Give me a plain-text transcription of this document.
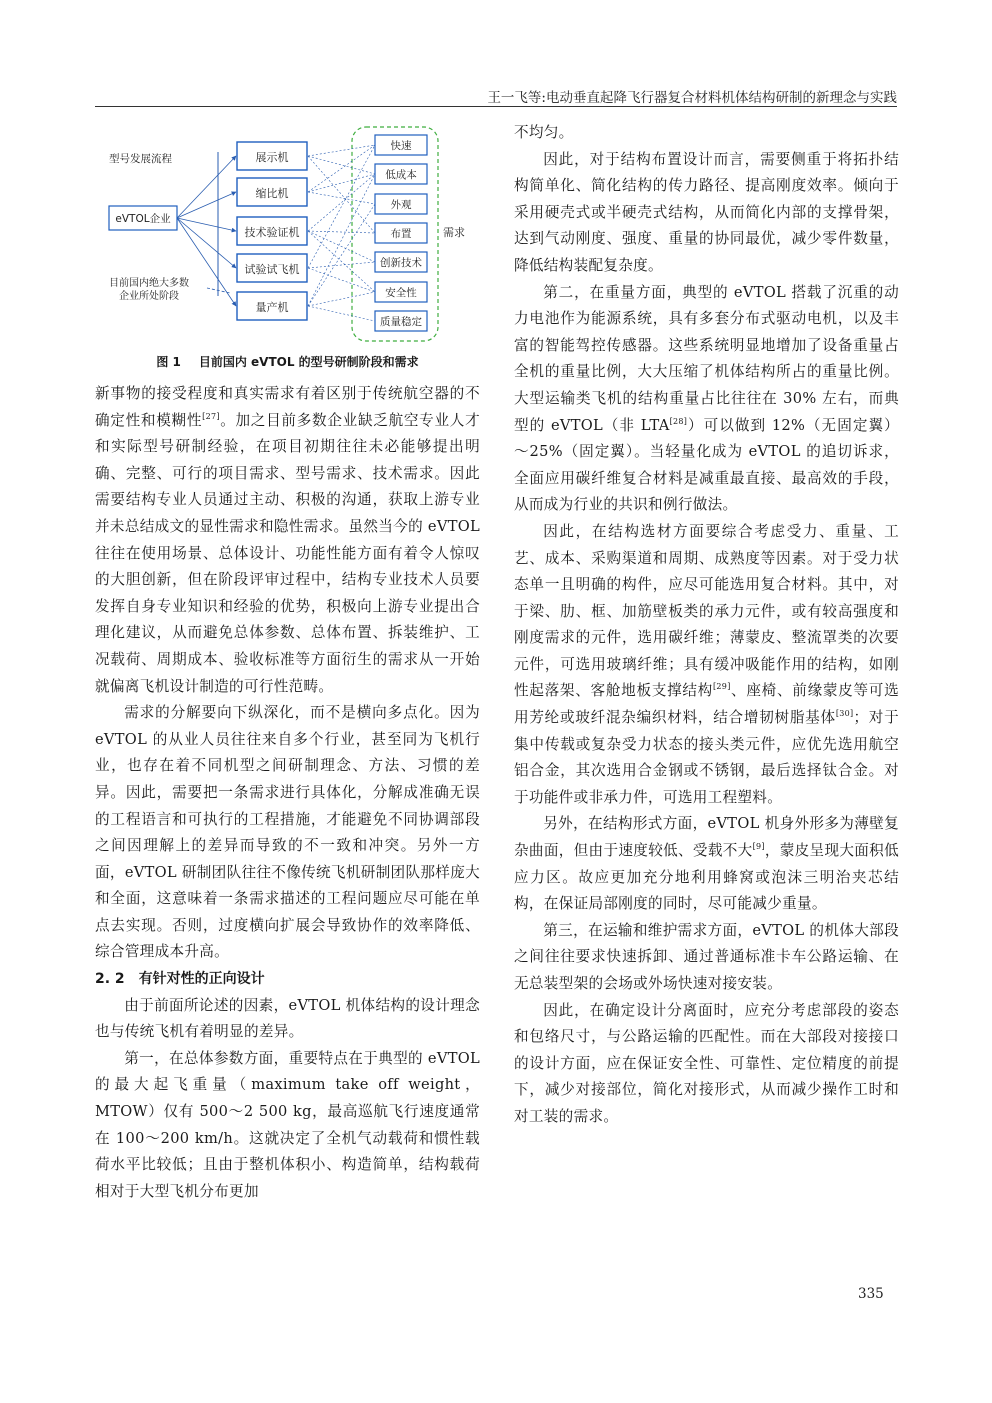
王一飞等:电动垂直起降飞行器复合材料机体结构研制的新理念与实践
型号发展流程
eVTOL企业
目前国内绝大多数
企业所处阶段
展示机
缩比机
技术验证机
试验试飞机
量产机
快速
低成本
外观
布置
创新技术
安全性
质量稳定
需求
图 1 目前国内 eVTOL 的型号研制阶段和需求

新事物的接受程度和真实需求有着区别于传统航空器的不确定性和模糊性[27]。加之目前多数企业缺乏航空专业人才和实际型号研制经验，在项目初期往往未必能够提出明确、完整、可行的项目需求、型号需求、技术需求。因此需要结构专业人员通过主动、积极的沟通，获取上游专业并未总结成文的显性需求和隐性需求。虽然当今的 eVTOL 往往在使用场景、总体设计、功能性能方面有着令人惊叹的大胆创新，但在阶段评审过程中，结构专业技术人员要发挥自身专业知识和经验的优势，积极向上游专业提出合理化建议，从而避免总体参数、总体布置、拆装维护、工况载荷、周期成本、验收标准等方面衍生的需求从一开始就偏离飞机设计制造的可行性范畴。

需求的分解要向下纵深化，而不是横向多点化。因为 eVTOL 的从业人员往往来自多个行业，甚至同为飞机行业，也存在着不同机型之间研制理念、方法、习惯的差异。因此，需要把一条需求进行具体化，分解成准确无误的工程语言和可执行的工程措施，才能避免不同协调部段之间因理解上的差异而导致的不一致和冲突。另外一方面，eVTOL 研制团队往往不像传统飞机研制团队那样庞大和全面，这意味着一条需求描述的工程问题应尽可能在单点去实现。否则，过度横向扩展会导致协作的效率降低、综合管理成本升高。

2. 2 有针对性的正向设计

由于前面所论述的因素，eVTOL 机体结构的设计理念也与传统飞机有着明显的差异。

第一，在总体参数方面，重要特点在于典型的 eVTOL 的最大起飞重量（maximum take off weight，MTOW）仅有 500～2 500 kg，最高巡航飞行速度通常在 100～200 km/h。这就决定了全机气动载荷和惯性载荷水平比较低；且由于整机体积小、构造简单，结构载荷相对于大型飞机分布更加

不均匀。

因此，对于结构布置设计而言，需要侧重于将拓扑结构简单化、简化结构的传力路径、提高刚度效率。倾向于采用硬壳式或半硬壳式结构，从而简化内部的支撑骨架，达到气动刚度、强度、重量的协同最优，减少零件数量，降低结构装配复杂度。

第二，在重量方面，典型的 eVTOL 搭载了沉重的动力电池作为能源系统，具有多套分布式驱动电机，以及丰富的智能驾控传感器。这些系统明显地增加了设备重量占全机的重量比例，大大压缩了机体结构所占的重量比例。大型运输类飞机的结构重量占比往往在 30% 左右，而典型的 eVTOL（非 LTA[28]）可以做到 12%（无固定翼）～25%（固定翼）。当轻量化成为 eVTOL 的追切诉求，全面应用碳纤维复合材料是减重最直接、最高效的手段，从而成为行业的共识和例行做法。

因此，在结构选材方面要综合考虑受力、重量、工艺、成本、采购渠道和周期、成熟度等因素。对于受力状态单一且明确的构件，应尽可能选用复合材料。其中，对于梁、肋、框、加筋壁板类的承力元件，或有较高强度和刚度需求的元件，选用碳纤维；薄蒙皮、整流罩类的次要元件，可选用玻璃纤维；具有缓冲吸能作用的结构，如刚性起落架、客舱地板支撑结构[29]、座椅、前缘蒙皮等可选用芳纶或玻纤混杂编织材料，结合增韧树脂基体[30]；对于集中传载或复杂受力状态的接头类元件，应优先选用航空铝合金，其次选用合金钢或不锈钢，最后选择钛合金。对于功能件或非承力件，可选用工程塑料。

另外，在结构形式方面，eVTOL 机身外形多为薄壁复杂曲面，但由于速度较低、受载不大[9]，蒙皮呈现大面积低应力区。故应更加充分地利用蜂窝或泡沫三明治夹芯结构，在保证局部刚度的同时，尽可能减少重量。

第三，在运输和维护需求方面，eVTOL 的机体大部段之间往往要求快速拆卸、通过普通标准卡车公路运输、在无总装型架的会场或外场快速对接安装。

因此，在确定设计分离面时，应充分考虑部段的姿态和包络尺寸，与公路运输的匹配性。而在大部段对接接口的设计方面，应在保证安全性、可靠性、定位精度的前提下，减少对接部位，简化对接形式，从而减少操作工时和对工装的需求。

335
